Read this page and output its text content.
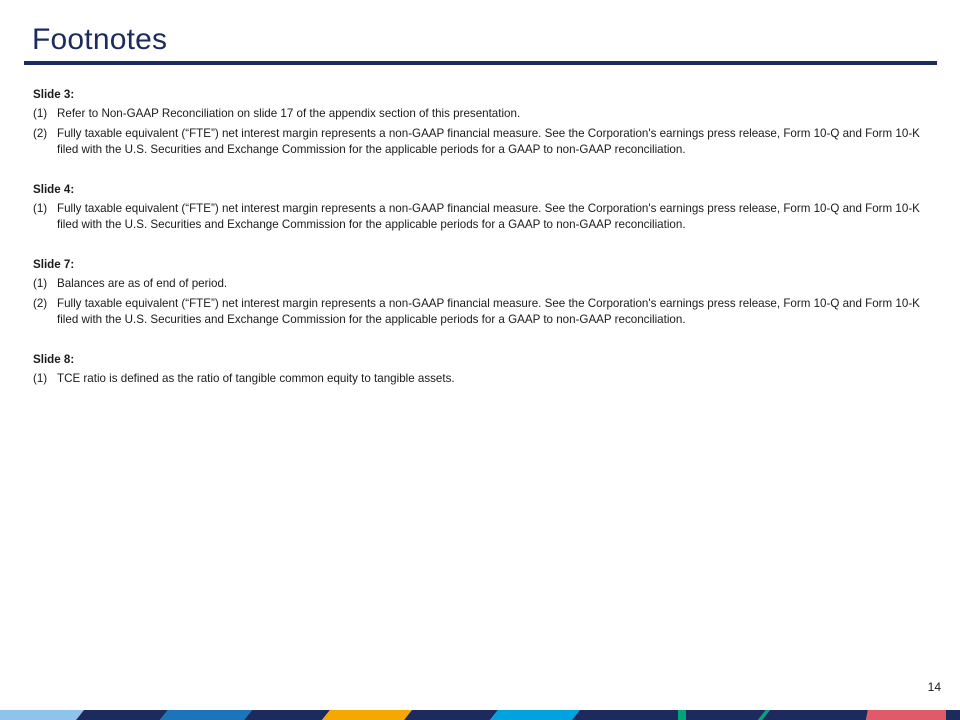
Footnotes
Slide 3:
(1) Refer to Non-GAAP Reconciliation on slide 17 of the appendix section of this presentation.
(2) Fully taxable equivalent (“FTE”) net interest margin represents a non-GAAP financial measure. See the Corporation's earnings press release, Form 10-Q and Form 10-K filed with the U.S. Securities and Exchange Commission for the applicable periods for a GAAP to non-GAAP reconciliation.
Slide 4:
(1) Fully taxable equivalent (“FTE”) net interest margin represents a non-GAAP financial measure. See the Corporation's earnings press release, Form 10-Q and Form 10-K filed with the U.S. Securities and Exchange Commission for the applicable periods for a GAAP to non-GAAP reconciliation.
Slide 7:
(1) Balances are as of end of period.
(2) Fully taxable equivalent (“FTE”) net interest margin represents a non-GAAP financial measure. See the Corporation's earnings press release, Form 10-Q and Form 10-K filed with the U.S. Securities and Exchange Commission for the applicable periods for a GAAP to non-GAAP reconciliation.
Slide 8:
(1) TCE ratio is defined as the ratio of tangible common equity to tangible assets.
14
